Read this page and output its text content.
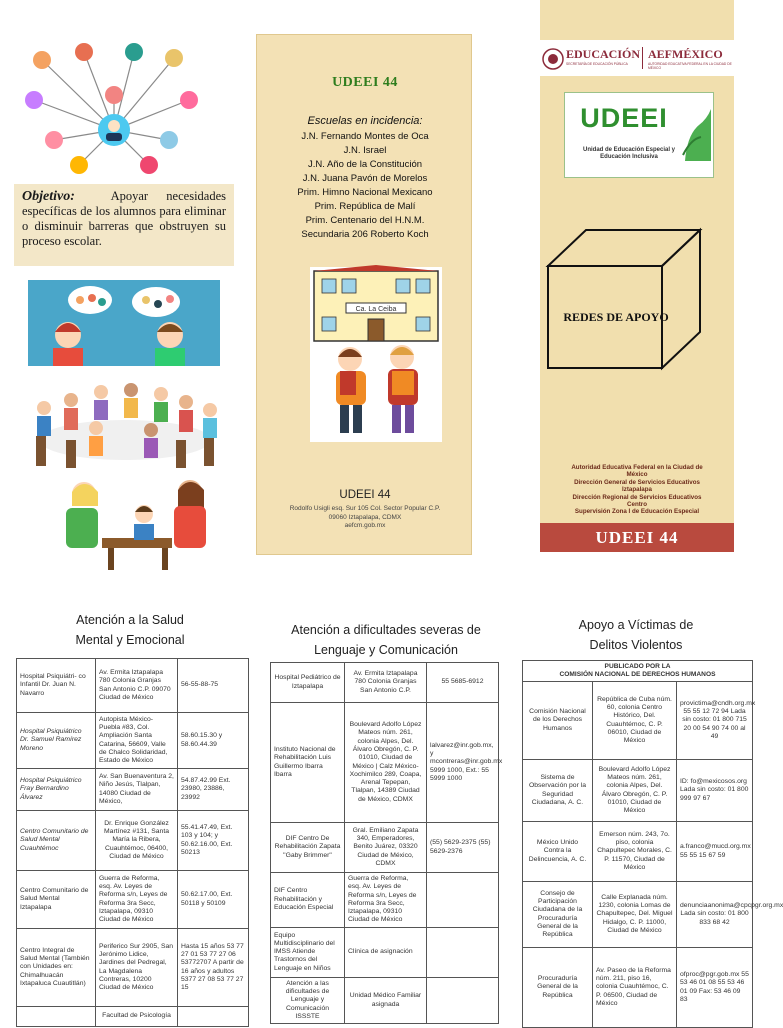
Objetivo:	Apoyar necesidades específicas de los alumnos para eliminar o disminuir barreras que obstruyen su proceso escolar.
UDEEI 44
Escuelas en incidencia:
J.N. Fernando Montes de Oca
J.N. Israel
J.N. Año de la Constitución
J.N. Juana Pavón de Morelos
Prim. Himno Nacional Mexicano
Prim. República de Malí
Prim. Centenario del H.N.M.
Secundaria 206 Roberto Koch
Ca. La Ceiba
UDEEI 44
Rodolfo Usigli esq. Sur 105 Col. Sector Popular C.P.
09060 Iztapalapa, CDMX
aefcm.gob.mx
EDUCACIÓN
SECRETARÍA DE EDUCACIÓN PÚBLICA
AEFMÉXICO
AUTORIDAD EDUCATIVA FEDERAL EN LA CIUDAD DE MÉXICO
UDEEI
Unidad de Educación Especial y
Educación Inclusiva
REDES DE APOYO
Autoridad Educativa Federal en la Ciudad de
México
Dirección General de Servicios Educativos
Iztapalapa
Dirección Regional de Servicios Educativos
Centro
Supervisión Zona I de Educación Especial
UDEEI 44
Atención a la Salud
Mental y Emocional
Atención a dificultades severas de
Lenguaje y Comunicación
Apoyo a Víctimas de
Delitos Violentos
Hospital Psiquiátri- co Infantil Dr. Juan N. Navarro	Av. Ermita Iztapalapa 780 Colonia Granjas San Antonio C.P. 09070 Ciudad de México	56-55-88-75
Hospital Psiquiátrico Dr. Samuel Ramírez Moreno	Autopista México-Puebla #83, Col. Ampliación Santa Catarina, 56609, Valle de Chalco Solidaridad, Estado de México	58.60.15.30 y 58.60.44.39
Hospital Psiquiátrico Fray Bernardino Álvarez	Av. San Buenaventura 2, Niño Jesús, Tlalpan, 14080 Ciudad de México,	54.87.42.99 Ext. 23980, 23886, 23992
Centro Comunitario de Salud Mental Cuauhtémoc	Dr. Enrique González Martínez #131, Santa María la Ribera, Cuauhtémoc, 06400, Ciudad de México	55.41.47.49, Ext. 103 y 104; y 50.62.16.00, Ext. 50213
Centro Comunitario de Salud Mental Iztapalapa	Guerra de Reforma, esq. Av. Leyes de Reforma s/n, Leyes de Reforma 3ra Secc, Iztapalapa, 09310 Ciudad de México	50.62.17.00, Ext. 50118 y 50109
Centro Integral de Salud Mental (También con Unidades en: Chimalhuacán Ixtapaluca Cuautitlán)	Periferico Sur 2905, San Jerónimo Lidice, Jardines del Pedregal, La Magdalena Contreras, 10200 Ciudad de México	Hasta 15 años 53 77 27 01 53 77 27 06 53772707 A partir de 16 años y adultos 5377 27 08 53 77 27 15
	Facultad de Psicología	
Hospital Pediátrico de Iztapalapa	Av. Ermita Iztapalapa 780 Colonia Granjas San Antonio C.P.	55 5685-6912
Instituto Nacional de Rehabilitación Luis Guillermo Ibarra Ibarra	Boulevard Adolfo López Mateos núm. 261, colonia Alpes, Del. Álvaro Obregón, C. P. 01010, Ciudad de México | Calz México-Xochimilco 289, Coapa, Arenal Tepepan, Tlalpan, 14389 Ciudad de México, CDMX	lalvarez@inr.gob.mx, y mcontreras@inr.gob.mx 5999 1000, Ext.: 55 5999 1000
DIF Centro De Rehabilitación Zapata "Gaby Brimmer"	Gral. Emiliano Zapata 340, Emperadores, Benito Juárez, 03320 Ciudad de México, CDMX	(55) 5629-2375 (55) 5629-2376
DIF Centro Rehabilitación y Educación Especial	Guerra de Reforma, esq. Av. Leyes de Reforma s/n, Leyes de Reforma 3ra Secc, Iztapalapa, 09310 Ciudad de México	
Equipo Multidisciplinario del IMSS Atiende Trastornos del Lenguaje en Niños	Clínica de asignación	
Atención a las dificultades de Lenguaje y Comunicación ISSSTE	Unidad Médico Familiar asignada	
PUBLICADO POR LA
COMISIÓN NACIONAL DE DERECHOS HUMANOS		

Comisión Nacional de los Derechos Humanos	República de Cuba núm. 60, colonia Centro Histórico, Del. Cuauhtémoc, C. P. 06010, Ciudad de México	provictima@cndh.org.mx 55 55 12 72 94 Lada sin costo: 01 800 715 20 00 54 90 74 00 al 49
Sistema de Observación por la Seguridad Ciudadana, A. C.	Boulevard Adolfo López Mateos núm. 261, colonia Alpes, Del. Álvaro Obregón, C. P. 01010, Ciudad de México	ID: fo@mexicosos.org Lada sin costo: 01 800 999 97 67
México Unido Contra la Delincuencia, A. C.	Emerson núm. 243, 7o. piso, colonia Chapultepec Morales, C. P. 11570, Ciudad de México	a.franco@mucd.org.mx 55 55 15 67 59
Consejo de Participación Ciudadana de la Procuraduría General de la República	Calle Explanada núm. 1230, colonia Lomas de Chapultepec, Del. Miguel Hidalgo, C. P. 11000, Ciudad de México	denunciaanonima@cpcpgr.org.mx Lada sin costo: 01 800 833 68 42
Procuraduría General de la República	Av. Paseo de la Reforma núm. 211, piso 16, colonia Cuauhtémoc, C. P. 06500, Ciudad de México	ofproc@pgr.gob.mx 55 53 46 01 08 55 53 46 01 09 Fax: 53 46 09 83
